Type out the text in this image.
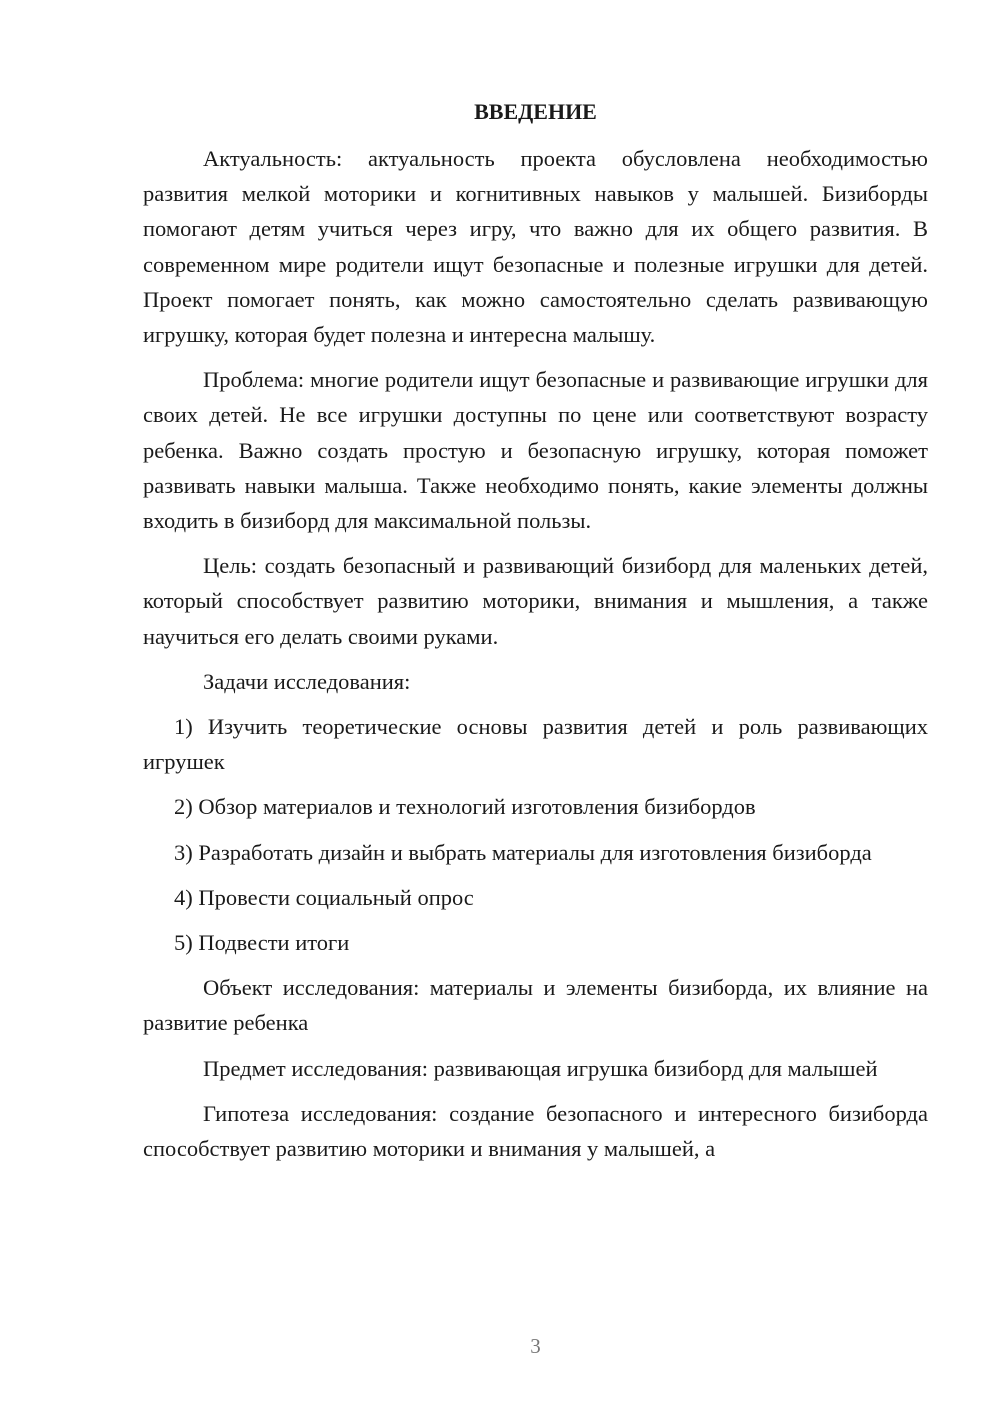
ВВЕДЕНИЕ

Актуальность: актуальность проекта обусловлена необходимостью развития мелкой моторики и когнитивных навыков у малышей. Бизиборды помогают детям учиться через игру, что важно для их общего развития. В современном мире родители ищут безопасные и полезные игрушки для детей. Проект помогает понять, как можно самостоятельно сделать развивающую игрушку, которая будет полезна и интересна малышу.

Проблема: многие родители ищут безопасные и развивающие игрушки для своих детей. Не все игрушки доступны по цене или соответствуют возрасту ребенка. Важно создать простую и безопасную игрушку, которая поможет развивать навыки малыша. Также необходимо понять, какие элементы должны входить в бизиборд для максимальной пользы.

Цель: создать безопасный и развивающий бизиборд для маленьких детей, который способствует развитию моторики, внимания и мышления, а также научиться его делать своими руками.

Задачи исследования:

1) Изучить теоретические основы развития детей и роль развивающих игрушек

2) Обзор материалов и технологий изготовления бизибордов

3) Разработать дизайн и выбрать материалы для изготовления бизиборда

4) Провести социальный опрос

5) Подвести итоги

Объект исследования: материалы и элементы бизиборда, их влияние на развитие ребенка

Предмет исследования: развивающая игрушка бизиборд для малышей

Гипотеза исследования: создание безопасного и интересного бизиборда способствует развитию моторики и внимания у малышей, а

3
